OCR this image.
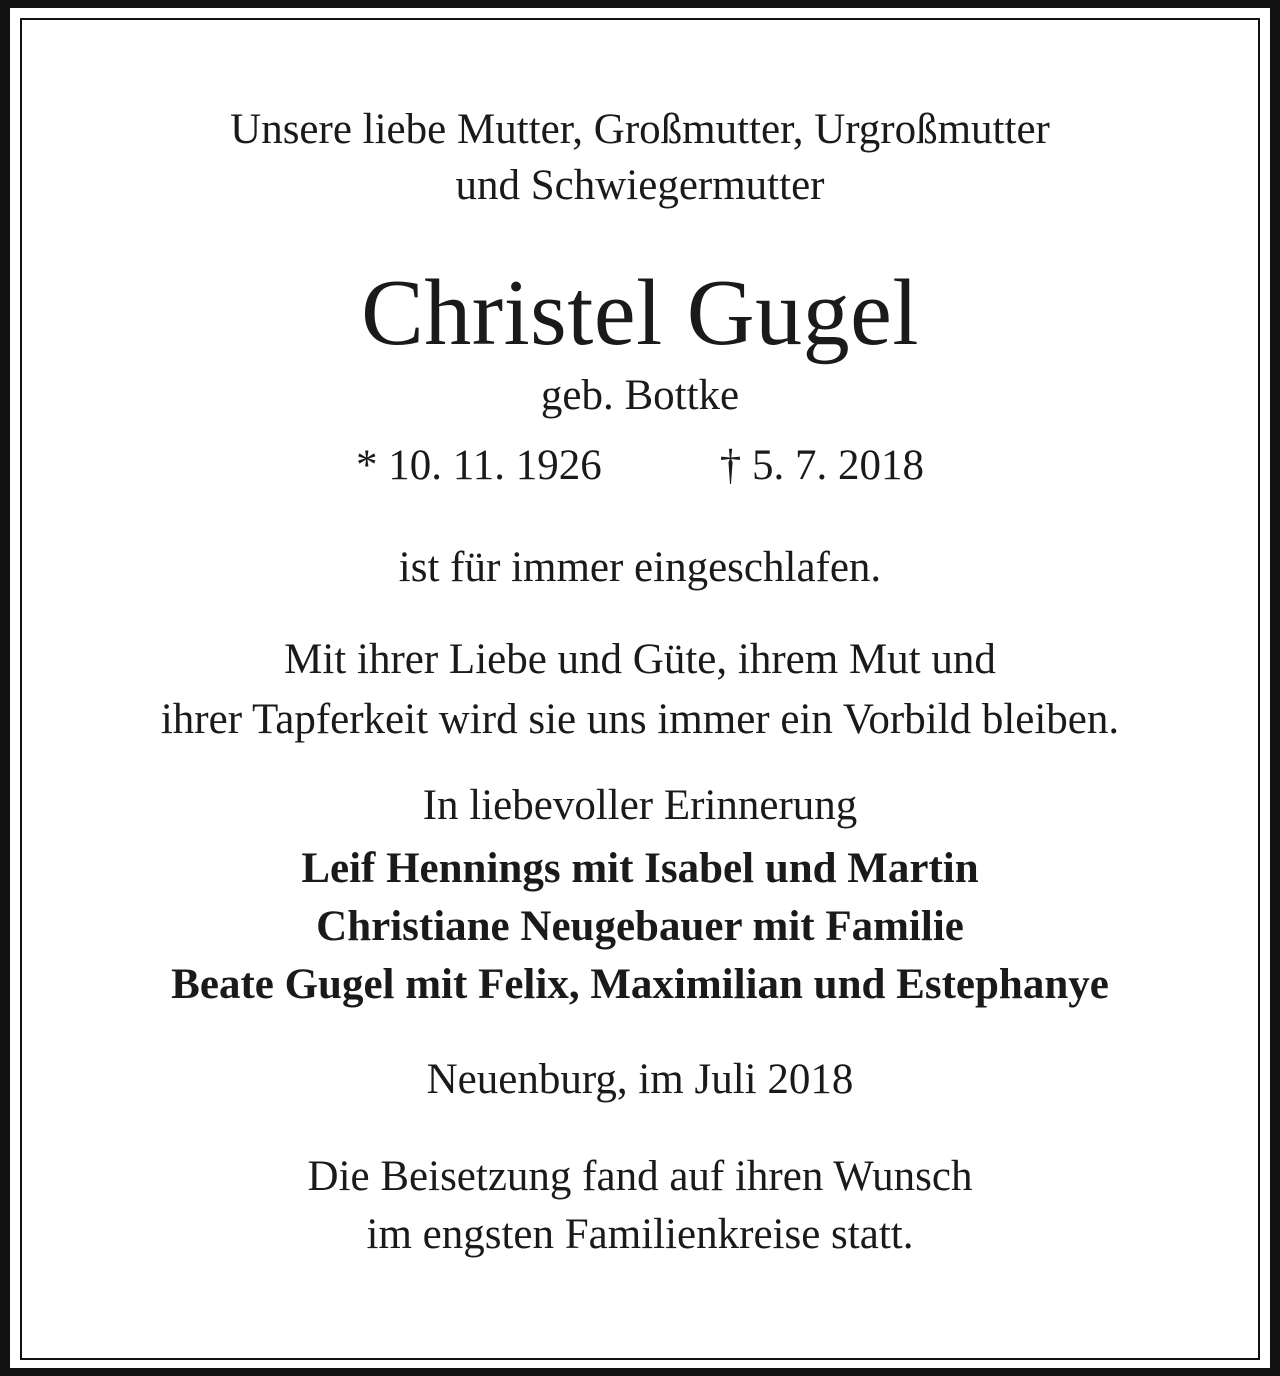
Unsere liebe Mutter, Großmutter, Urgroßmutter
und Schwiegermutter
Christel Gugel
geb. Bottke
* 10. 11. 1926	† 5. 7. 2018
ist für immer eingeschlafen.
Mit ihrer Liebe und Güte, ihrem Mut und
ihrer Tapferkeit wird sie uns immer ein Vorbild bleiben.
In liebevoller Erinnerung
Leif Hennings mit Isabel und Martin
Christiane Neugebauer mit Familie
Beate Gugel mit Felix, Maximilian und Estephanye
Neuenburg, im Juli 2018
Die Beisetzung fand auf ihren Wunsch
im engsten Familienkreise statt.
